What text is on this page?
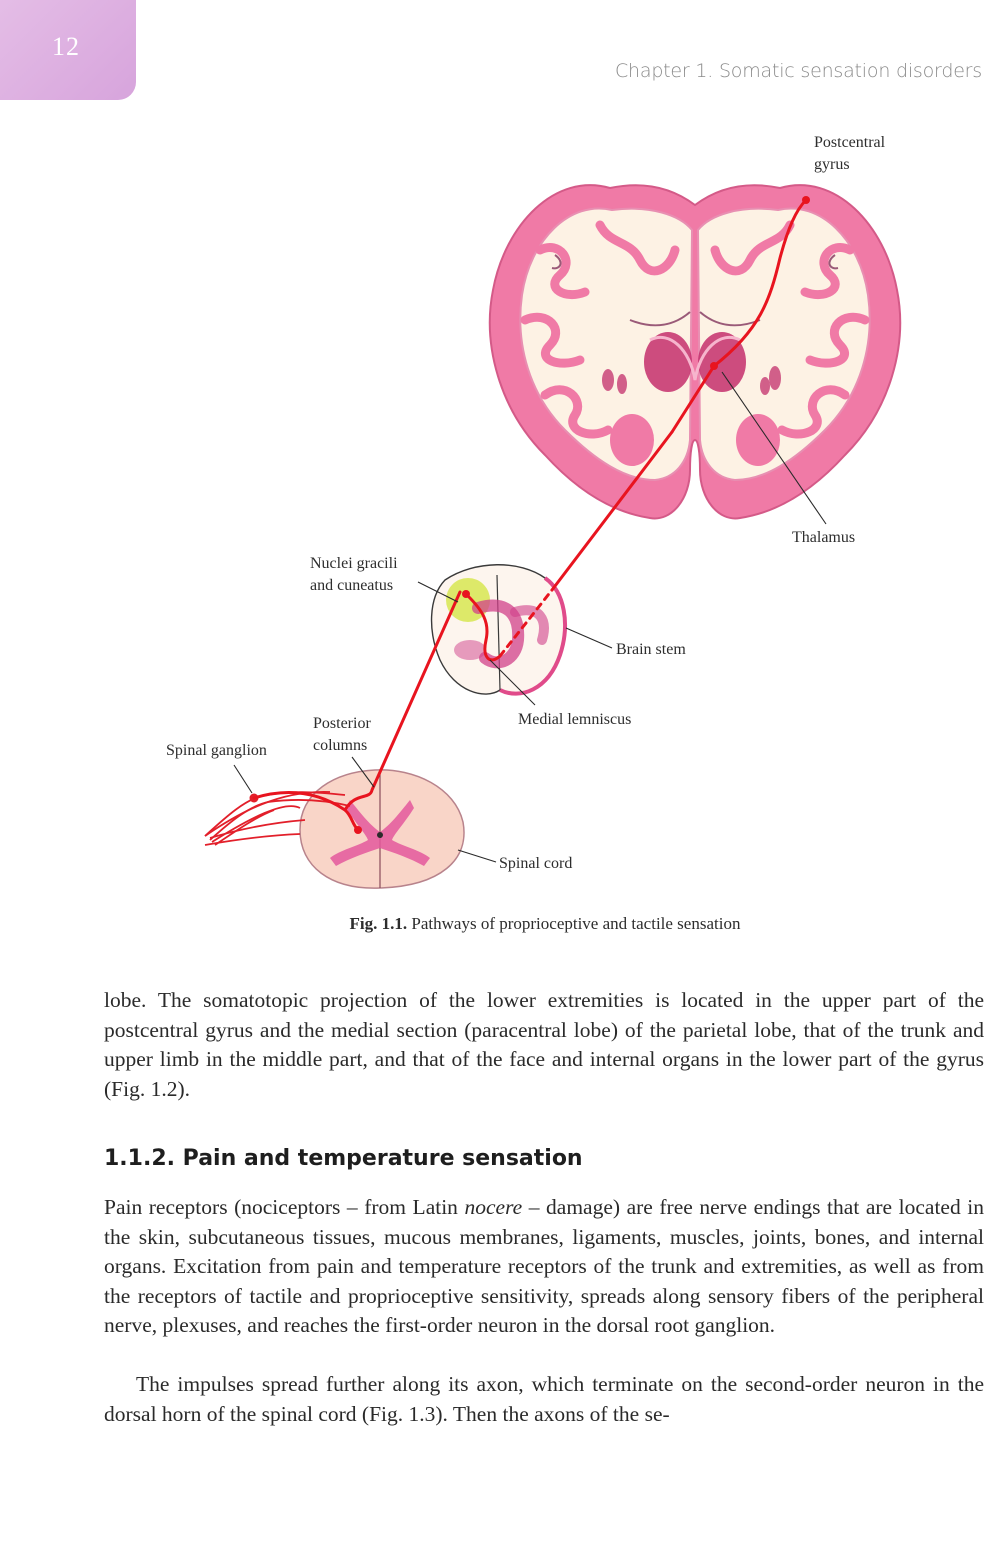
12
Chapter 1. Somatic sensation disorders
Postcentral
gyrus
Thalamus
Nuclei gracili
and cuneatus
Brain stem
Medial lemniscus
Posterior
columns
Spinal ganglion
Spinal cord
Fig. 1.1. Pathways of proprioceptive and tactile sensation

lobe. The somatotopic projection of the lower extremities is located in the upper part of the postcentral gyrus and the medial section (paracentral lobe) of the parietal lobe, that of the trunk and upper limb in the middle part, and that of the face and internal organs in the lower part of the gyrus (Fig. 1.2).

1.1.2. Pain and temperature sensation

Pain receptors (nociceptors – from Latin nocere – damage) are free nerve endings that are located in the skin, subcutaneous tissues, mucous membranes, ligaments, muscles, joints, bones, and internal organs. Excitation from pain and temperature receptors of the trunk and extremities, as well as from the receptors of tactile and proprioceptive sensitivity, spreads along sensory fibers of the peripheral nerve, plexuses, and reaches the first-order neuron in the dorsal root ganglion.

The impulses spread further along its axon, which terminate on the second-order neuron in the dorsal horn of the spinal cord (Fig. 1.3). Then the axons of the se-
